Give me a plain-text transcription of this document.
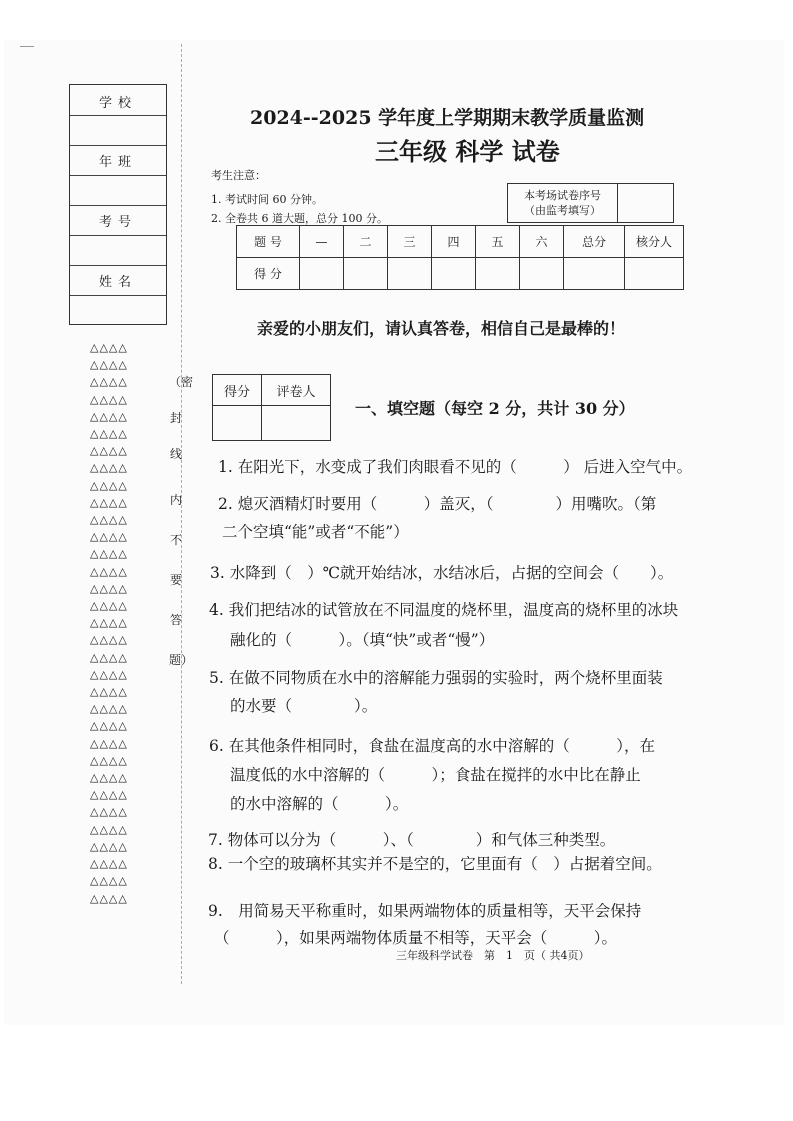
学校
年班
考号
姓名
△△△△
△△△△
△△△△
△△△△
△△△△
△△△△
△△△△
△△△△
△△△△
△△△△
△△△△
△△△△
△△△△
△△△△
△△△△
△△△△
△△△△
△△△△
△△△△
△△△△
△△△△
△△△△
△△△△
△△△△
△△△△
△△△△
△△△△
△△△△
△△△△
△△△△
△△△△
△△△△
△△△△
（密
封
线
内
不
要
答
题）
2024--2025 学年度上学期期末教学质量监测
三年级 科学 试卷
考生注意：
1. 考试时间 60 分钟。
2. 全卷共 6 道大题，总分 100 分。
本考场试卷序号
（由监考填写）
题 号	—	二	三	四	五	六	总分	核分人
得 分								
亲爱的小朋友们，请认真答卷，相信自己是最棒的！
得分	评卷人

一、填空题（每空 2 分，共计 30 分）
1. 在阳光下，水变成了我们肉眼看不见的（　　　） 后进入空气中。
2. 熄灭酒精灯时要用（　　　）盖灭，（　　　　）用嘴吹。（第
二个空填“能”或者“不能”）
3. 水降到（　）℃就开始结冰，水结冰后，占据的空间会（　　）。
4. 我们把结冰的试管放在不同温度的烧杯里，温度高的烧杯里的冰块
融化的（　　　）。（填“快”或者“慢”）
5. 在做不同物质在水中的溶解能力强弱的实验时，两个烧杯里面装
的水要（　　　　）。
6. 在其他条件相同时，食盐在温度高的水中溶解的（　　　），在
温度低的水中溶解的（　　　）；食盐在搅拌的水中比在静止
的水中溶解的（　　　）。
7. 物体可以分为（　　　）、（　　　　）和气体三种类型。
8. 一个空的玻璃杯其实并不是空的，它里面有（　）占据着空间。
9.　用简易天平称重时，如果两端物体的质量相等，天平会保持
（　　　），如果两端物体质量不相等，天平会（　　　）。
三年级科学试卷　第　1　页（ 共4页）
